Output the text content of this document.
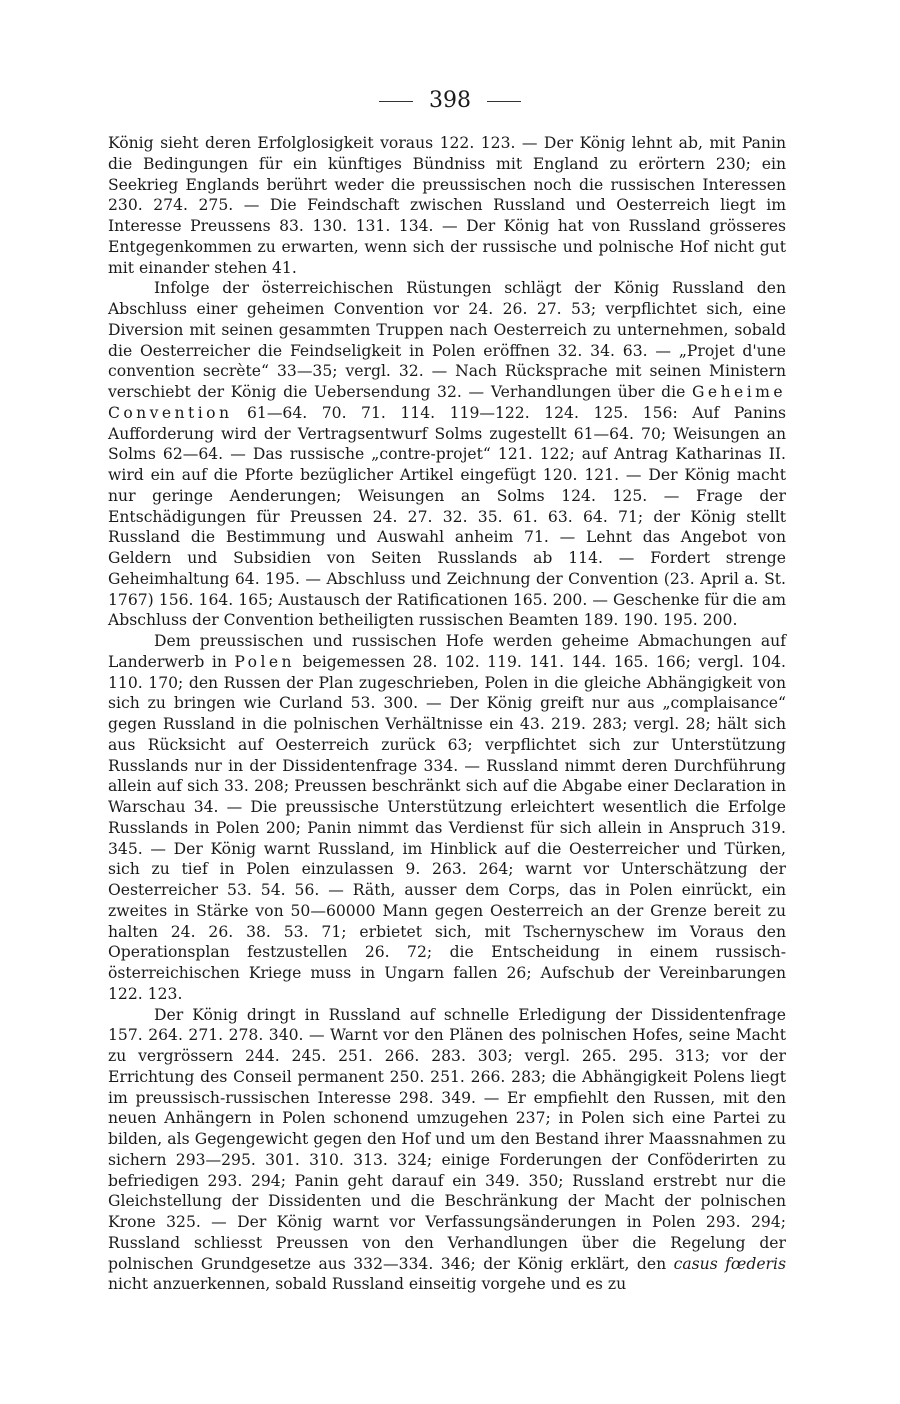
398

König sieht deren Erfolglosigkeit voraus 122. 123. — Der König lehnt ab, mit Panin die Bedingungen für ein künftiges Bündniss mit England zu erörtern 230; ein Seekrieg Englands berührt weder die preussischen noch die russischen Interessen 230. 274. 275. — Die Feindschaft zwischen Russland und Oesterreich liegt im Interesse Preussens 83. 130. 131. 134. — Der König hat von Russland grösseres Entgegenkommen zu erwarten, wenn sich der russische und polnische Hof nicht gut mit einander stehen 41.

Infolge der österreichischen Rüstungen schlägt der König Russland den Abschluss einer geheimen Convention vor 24. 26. 27. 53; verpflichtet sich, eine Diversion mit seinen gesammten Truppen nach Oesterreich zu unternehmen, sobald die Oesterreicher die Feindseligkeit in Polen eröffnen 32. 34. 63. — „Projet d'une convention secrète“ 33—35; vergl. 32. — Nach Rücksprache mit seinen Ministern verschiebt der König die Uebersendung 32. — Verhandlungen über die Geheime Convention 61—64. 70. 71. 114. 119—122. 124. 125. 156: Auf Panins Aufforderung wird der Vertragsentwurf Solms zugestellt 61—64. 70; Weisungen an Solms 62—64. — Das russische „contre-projet“ 121. 122; auf Antrag Katharinas II. wird ein auf die Pforte bezüglicher Artikel eingefügt 120. 121. — Der König macht nur geringe Aenderungen; Weisungen an Solms 124. 125. — Frage der Entschädigungen für Preussen 24. 27. 32. 35. 61. 63. 64. 71; der König stellt Russland die Bestimmung und Auswahl anheim 71. — Lehnt das Angebot von Geldern und Subsidien von Seiten Russlands ab 114. — Fordert strenge Geheimhaltung 64. 195. — Abschluss und Zeichnung der Convention (23. April a. St. 1767) 156. 164. 165; Austausch der Ratificationen 165. 200. — Geschenke für die am Abschluss der Convention betheiligten russischen Beamten 189. 190. 195. 200.

Dem preussischen und russischen Hofe werden geheime Abmachungen auf Landerwerb in Polen beigemessen 28. 102. 119. 141. 144. 165. 166; vergl. 104. 110. 170; den Russen der Plan zugeschrieben, Polen in die gleiche Abhängigkeit von sich zu bringen wie Curland 53. 300. — Der König greift nur aus „complaisance“ gegen Russland in die polnischen Verhältnisse ein 43. 219. 283; vergl. 28; hält sich aus Rücksicht auf Oesterreich zurück 63; verpflichtet sich zur Unterstützung Russlands nur in der Dissidentenfrage 334. — Russland nimmt deren Durchführung allein auf sich 33. 208; Preussen beschränkt sich auf die Abgabe einer Declaration in Warschau 34. — Die preussische Unterstützung erleichtert wesentlich die Erfolge Russlands in Polen 200; Panin nimmt das Verdienst für sich allein in Anspruch 319. 345. — Der König warnt Russland, im Hinblick auf die Oesterreicher und Türken, sich zu tief in Polen einzulassen 9. 263. 264; warnt vor Unterschätzung der Oesterreicher 53. 54. 56. — Räth, ausser dem Corps, das in Polen einrückt, ein zweites in Stärke von 50—60000 Mann gegen Oesterreich an der Grenze bereit zu halten 24. 26. 38. 53. 71; erbietet sich, mit Tschernyschew im Voraus den Operationsplan festzustellen 26. 72; die Entscheidung in einem russisch-österreichischen Kriege muss in Ungarn fallen 26; Aufschub der Vereinbarungen 122. 123.

Der König dringt in Russland auf schnelle Erledigung der Dissidentenfrage 157. 264. 271. 278. 340. — Warnt vor den Plänen des polnischen Hofes, seine Macht zu vergrössern 244. 245. 251. 266. 283. 303; vergl. 265. 295. 313; vor der Errichtung des Conseil permanent 250. 251. 266. 283; die Abhängigkeit Polens liegt im preussisch-russischen Interesse 298. 349. — Er empfiehlt den Russen, mit den neuen Anhängern in Polen schonend umzugehen 237; in Polen sich eine Partei zu bilden, als Gegengewicht gegen den Hof und um den Bestand ihrer Maassnahmen zu sichern 293—295. 301. 310. 313. 324; einige Forderungen der Conföderirten zu befriedigen 293. 294; Panin geht darauf ein 349. 350; Russland erstrebt nur die Gleichstellung der Dissidenten und die Beschränkung der Macht der polnischen Krone 325. — Der König warnt vor Verfassungsänderungen in Polen 293. 294; Russland schliesst Preussen von den Verhandlungen über die Regelung der polnischen Grundgesetze aus 332—334. 346; der König erklärt, den casus fœderis nicht anzuerkennen, sobald Russland einseitig vorgehe und es zu
